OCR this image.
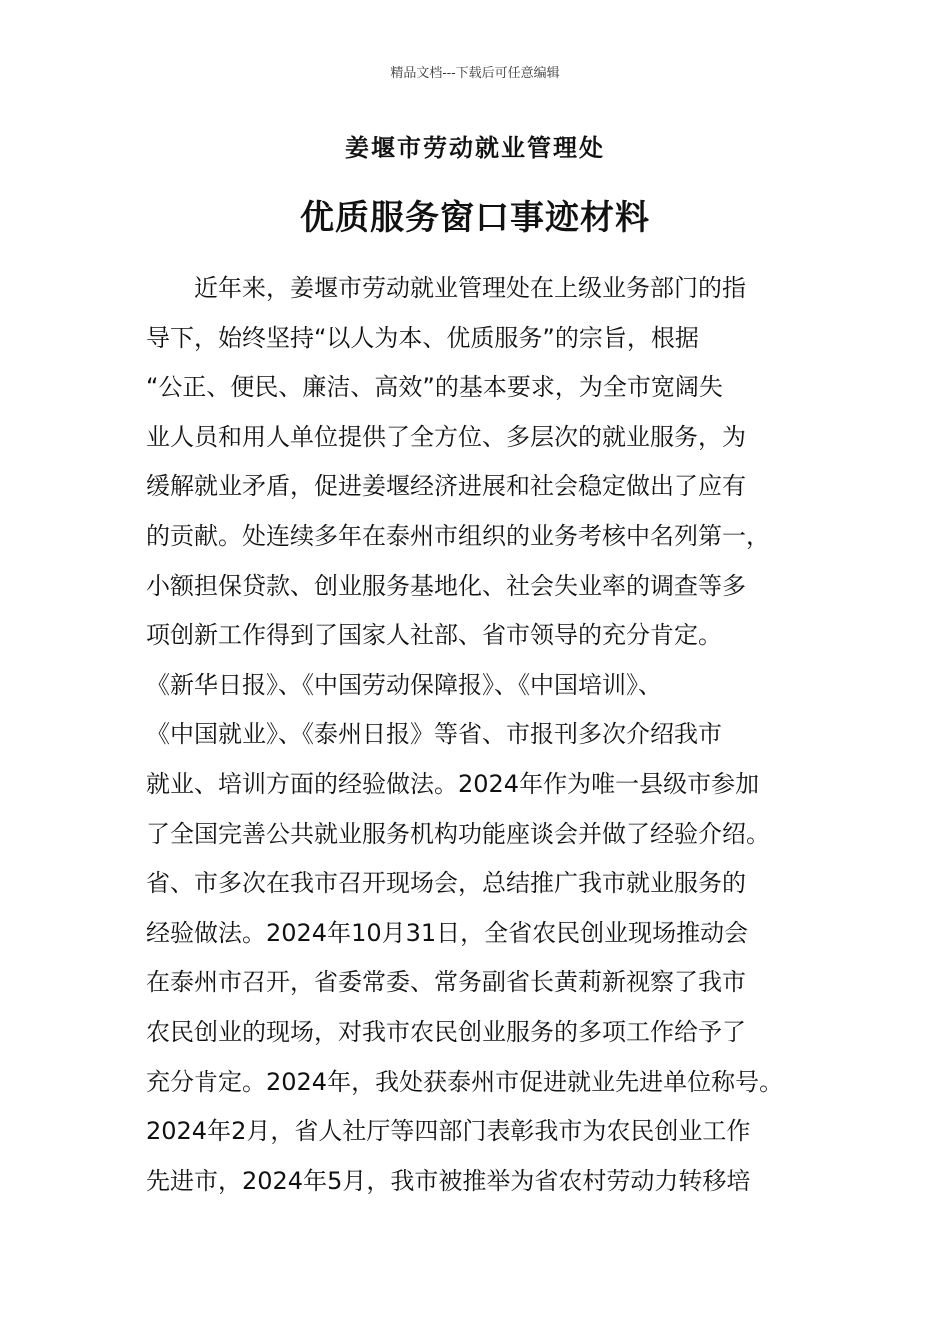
精品文档---下载后可任意编辑
姜堰市劳动就业管理处
优质服务窗口事迹材料
　　近年来，姜堰市劳动就业管理处在上级业务部门的指
导下，始终坚持“以人为本、优质服务”的宗旨，根据
“公正、便民、廉洁、高效”的基本要求，为全市宽阔失
业人员和用人单位提供了全方位、多层次的就业服务，为
缓解就业矛盾，促进姜堰经济进展和社会稳定做出了应有
的贡献。处连续多年在泰州市组织的业务考核中名列第一，
小额担保贷款、创业服务基地化、社会失业率的调查等多
项创新工作得到了国家人社部、省市领导的充分肯定。
《新华日报》、《中国劳动保障报》、《中国培训》、
《中国就业》、《泰州日报》等省、市报刊多次介绍我市
就业、培训方面的经验做法。2024年作为唯一县级市参加
了全国完善公共就业服务机构功能座谈会并做了经验介绍。
省、市多次在我市召开现场会，总结推广我市就业服务的
经验做法。2024年10月31日，全省农民创业现场推动会
在泰州市召开，省委常委、常务副省长黄莉新视察了我市
农民创业的现场，对我市农民创业服务的多项工作给予了
充分肯定。2024年，我处获泰州市促进就业先进单位称号。
2024年2月，省人社厅等四部门表彰我市为农民创业工作
先进市，2024年5月，我市被推举为省农村劳动力转移培
